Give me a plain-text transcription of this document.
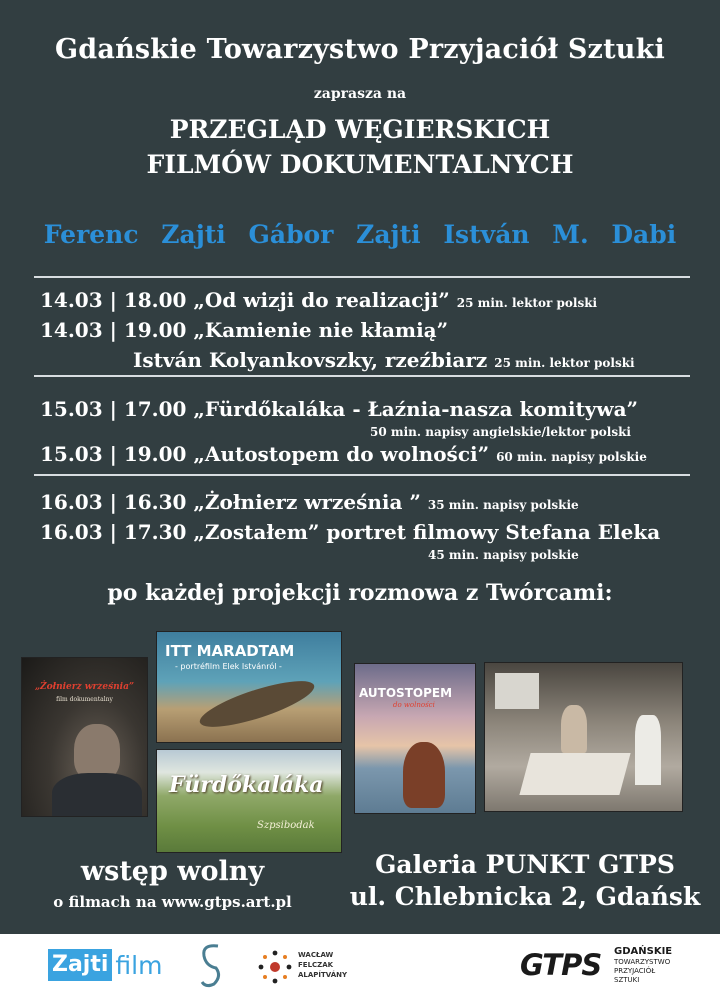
Gdańskie Towarzystwo Przyjaciół Sztuki
zaprasza na
PRZEGLĄD WĘGIERSKICH
FILMÓW DOKUMENTALNYCH
Ferenc Zajti Gábor Zajti István M. Dabi
14.03 | 18.00 „Od wizji do realizacji” 25 min. lektor polski
14.03 | 19.00 „Kamienie nie kłamią”
István Kolyankovszky, rzeźbiarz 25 min. lektor polski
15.03 | 17.00 „Fürdőkaláka - Łaźnia-nasza komitywa”
50 min. napisy angielskie/lektor polski
15.03 | 19.00 „Autostopem do wolności” 60 min. napisy polskie
16.03 | 16.30 „Żołnierz września ” 35 min. napisy polskie
16.03 | 17.30 „Zostałem” portret filmowy Stefana Eleka
45 min. napisy polskie
po każdej projekcji rozmowa z Twórcami:
„Żołnierz września”
film dokumentalny
ITT MARADTAM
- portréfilm Elek Istvánról -
Fürdőkaláka
Szpsibodak
AUTOSTOPEM
do wolności
wstęp wolny
o filmach na www.gtps.art.pl
Galeria PUNKT GTPS
ul. Chlebnicka 2, Gdańsk
Zajti film	WACŁAW
FELCZAK
ALAPÍTVÁNY	GTPS GDAŃSKIE
TOWARZYSTWO
PRZYJACIÓŁ
SZTUKI
